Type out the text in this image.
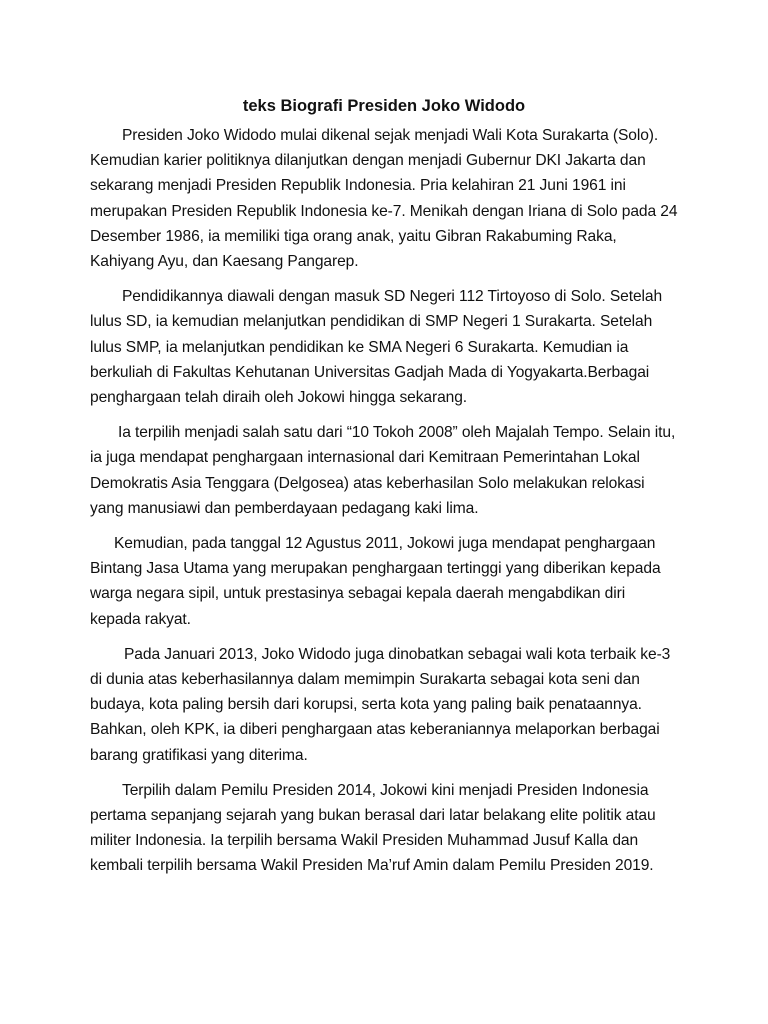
teks Biografi Presiden Joko Widodo

Presiden Joko Widodo mulai dikenal sejak menjadi Wali Kota Surakarta (Solo). Kemudian karier politiknya dilanjutkan dengan menjadi Gubernur DKI Jakarta dan sekarang menjadi Presiden Republik Indonesia. Pria kelahiran 21 Juni 1961 ini merupakan Presiden Republik Indonesia ke-7. Menikah dengan Iriana di Solo pada 24 Desember 1986, ia memiliki tiga orang anak, yaitu Gibran Rakabuming Raka, Kahiyang Ayu, dan Kaesang Pangarep.

Pendidikannya diawali dengan masuk SD Negeri 112 Tirtoyoso di Solo. Setelah lulus SD, ia kemudian melanjutkan pendidikan di SMP Negeri 1 Surakarta. Setelah lulus SMP, ia melanjutkan pendidikan ke SMA Negeri 6 Surakarta. Kemudian ia berkuliah di Fakultas Kehutanan Universitas Gadjah Mada di Yogyakarta.Berbagai penghargaan telah diraih oleh Jokowi hingga sekarang.

Ia terpilih menjadi salah satu dari “10 Tokoh 2008” oleh Majalah Tempo. Selain itu, ia juga mendapat penghargaan internasional dari Kemitraan Pemerintahan Lokal Demokratis Asia Tenggara (Delgosea) atas keberhasilan Solo melakukan relokasi yang manusiawi dan pemberdayaan pedagang kaki lima.

Kemudian, pada tanggal 12 Agustus 2011, Jokowi juga mendapat penghargaan Bintang Jasa Utama yang merupakan penghargaan tertinggi yang diberikan kepada warga negara sipil, untuk prestasinya sebagai kepala daerah mengabdikan diri kepada rakyat.

Pada Januari 2013, Joko Widodo juga dinobatkan sebagai wali kota terbaik ke-3 di dunia atas keberhasilannya dalam memimpin Surakarta sebagai kota seni dan budaya, kota paling bersih dari korupsi, serta kota yang paling baik penataannya. Bahkan, oleh KPK, ia diberi penghargaan atas keberaniannya melaporkan berbagai barang gratifikasi yang diterima.

Terpilih dalam Pemilu Presiden 2014, Jokowi kini menjadi Presiden Indonesia pertama sepanjang sejarah yang bukan berasal dari latar belakang elite politik atau militer Indonesia. Ia terpilih bersama Wakil Presiden Muhammad Jusuf Kalla dan kembali terpilih bersama Wakil Presiden Ma’ruf Amin dalam Pemilu Presiden 2019.
